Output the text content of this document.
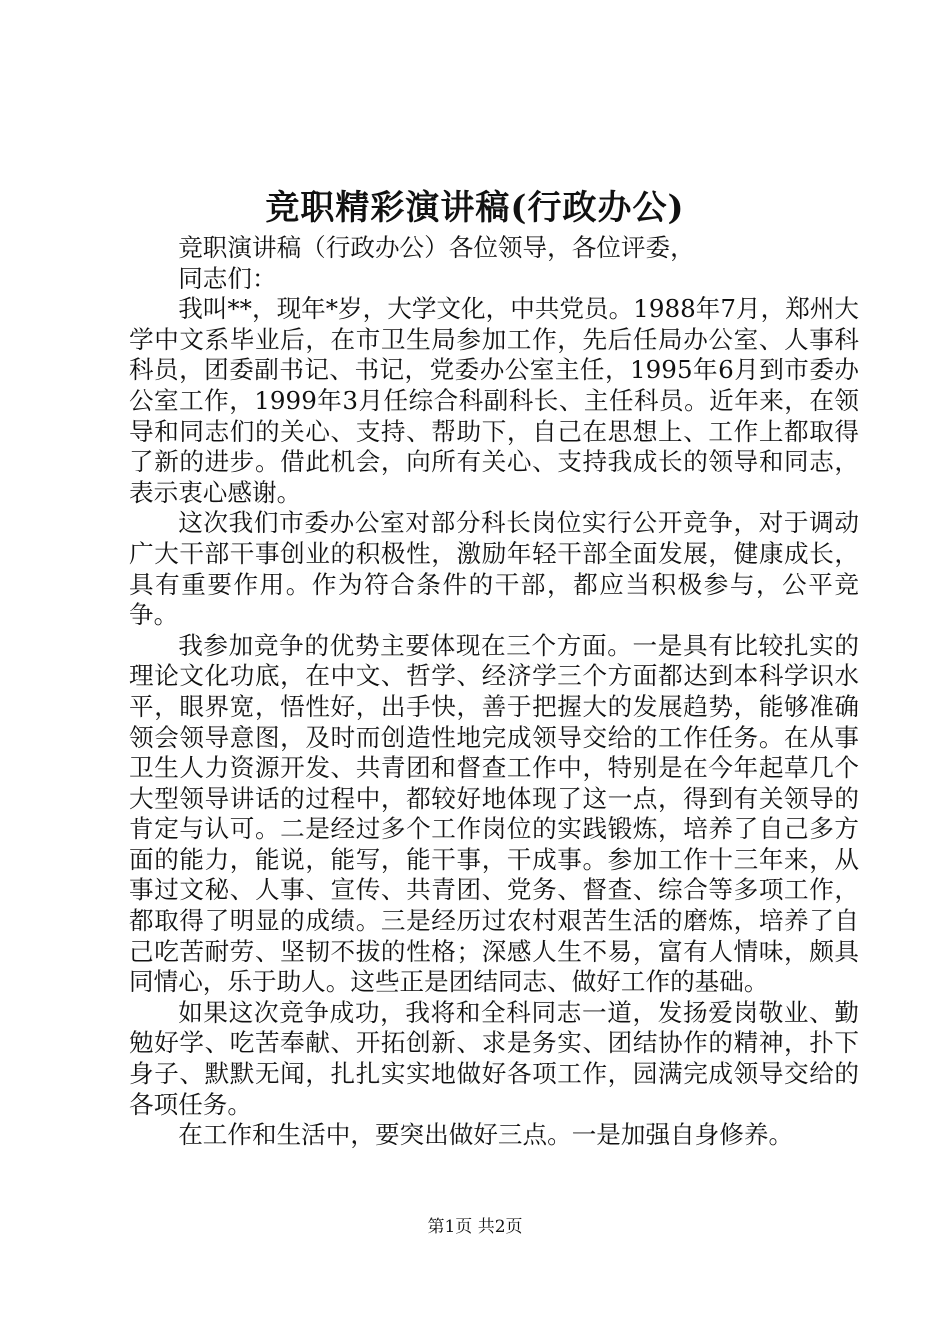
竞职精彩演讲稿(行政办公)

竞职演讲稿（行政办公）各位领导，各位评委，

同志们：

我叫**，现年*岁，大学文化，中共党员。1988年7月，郑州大学中文系毕业后，在市卫生局参加工作，先后任局办公室、人事科科员，团委副书记、书记，党委办公室主任，1995年6月到市委办公室工作，1999年3月任综合科副科长、主任科员。近年来，在领导和同志们的关心、支持、帮助下，自己在思想上、工作上都取得了新的进步。借此机会，向所有关心、支持我成长的领导和同志，表示衷心感谢。

这次我们市委办公室对部分科长岗位实行公开竞争，对于调动广大干部干事创业的积极性，激励年轻干部全面发展，健康成长，具有重要作用。作为符合条件的干部，都应当积极参与，公平竞争。

我参加竞争的优势主要体现在三个方面。一是具有比较扎实的理论文化功底，在中文、哲学、经济学三个方面都达到本科学识水平，眼界宽，悟性好，出手快，善于把握大的发展趋势，能够准确领会领导意图，及时而创造性地完成领导交给的工作任务。在从事卫生人力资源开发、共青团和督查工作中，特别是在今年起草几个大型领导讲话的过程中，都较好地体现了这一点，得到有关领导的肯定与认可。二是经过多个工作岗位的实践锻炼，培养了自己多方面的能力，能说，能写，能干事，干成事。参加工作十三年来，从事过文秘、人事、宣传、共青团、党务、督查、综合等多项工作，都取得了明显的成绩。三是经历过农村艰苦生活的磨炼，培养了自己吃苦耐劳、坚韧不拔的性格；深感人生不易，富有人情味，颇具同情心，乐于助人。这些正是团结同志、做好工作的基础。

如果这次竞争成功，我将和全科同志一道，发扬爱岗敬业、勤勉好学、吃苦奉献、开拓创新、求是务实、团结协作的精神，扑下身子、默默无闻，扎扎实实地做好各项工作，园满完成领导交给的各项任务。

在工作和生活中，要突出做好三点。一是加强自身修养。

第1页 共2页
